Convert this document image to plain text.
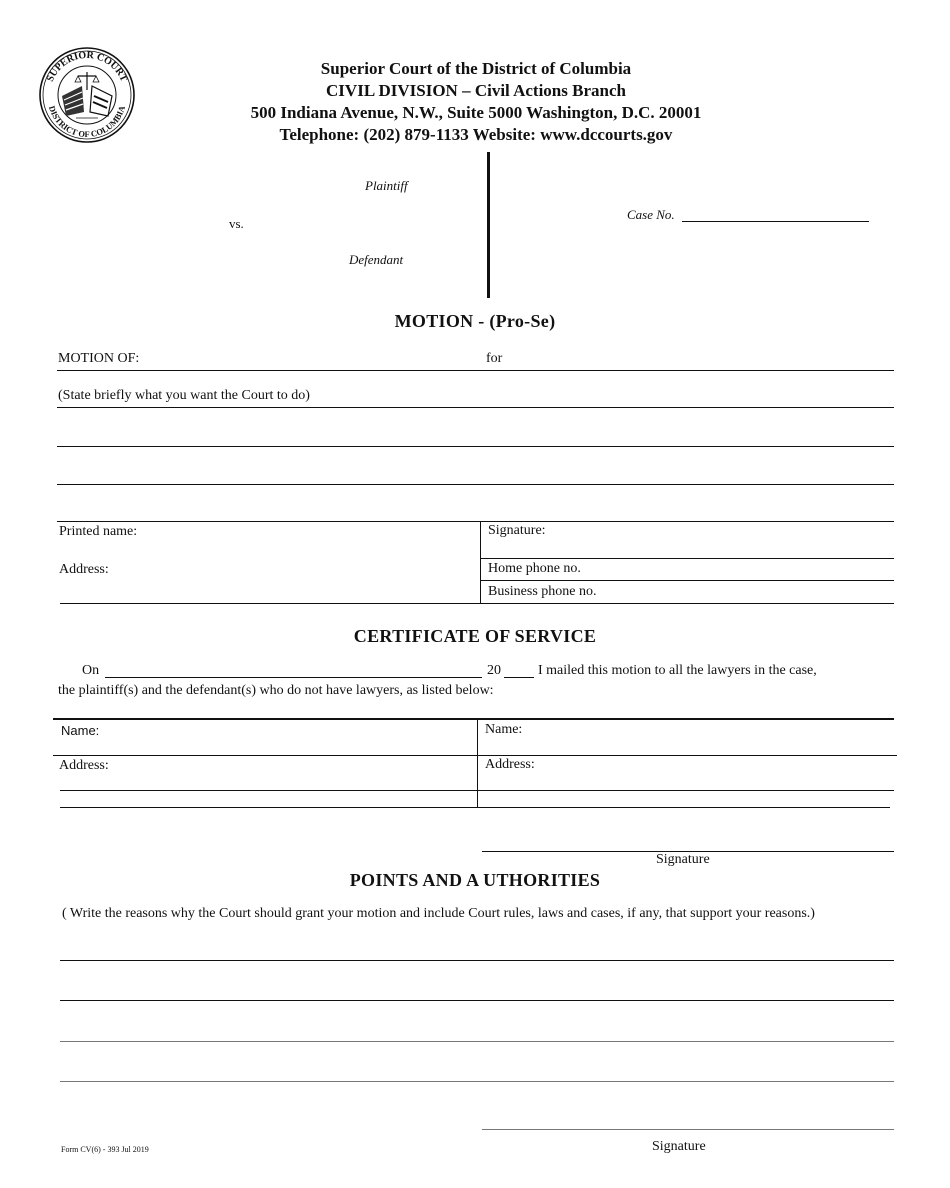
SUPERIOR COURT
DISTRICT OF COLUMBIA
Superior Court of the District of Columbia
CIVIL DIVISION – Civil Actions Branch
500 Indiana Avenue, N.W., Suite 5000 Washington, D.C. 20001
Telephone: (202) 879-1133 Website: www.dccourts.gov
Plaintiff
vs.
Defendant
Case No.
MOTION - (Pro-Se)
MOTION OF:	for
(State briefly what you want the Court to do)
Printed name:	Signature:
Address:	Home phone no.
Business phone no.
CERTIFICATE OF SERVICE
On	20	I mailed this motion to all the lawyers in the case,
the plaintiff(s) and the defendant(s) who do not have lawyers, as listed below:
Name:	Name:
Address:	Address:
Signature
POINTS AND A UTHORITIES
( Write the reasons why the Court should grant your motion and include Court rules, laws and cases, if any, that support your reasons.)
Signature
Form CV(6) - 393 Jul 2019
